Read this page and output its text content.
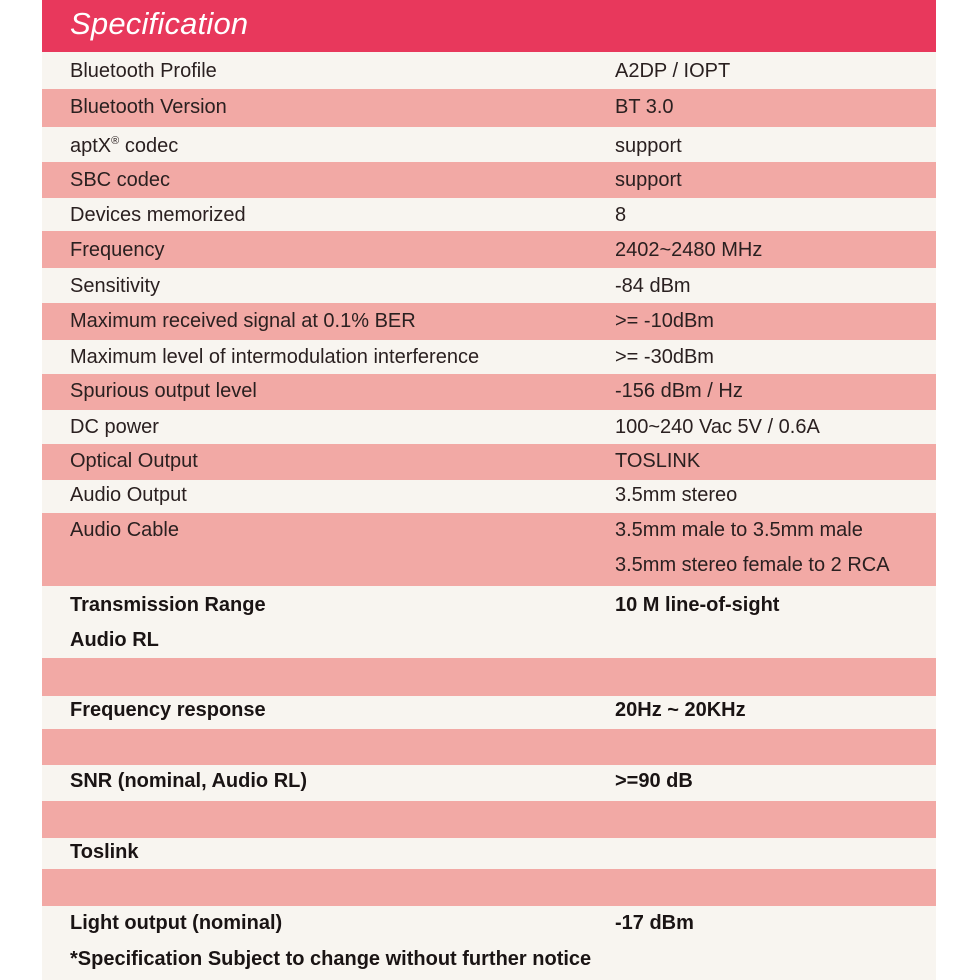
Specification
Bluetooth Profile	A2DP / IOPT
Bluetooth Version	BT 3.0
aptX® codec	support
SBC codec	support
Devices memorized	8
Frequency	2402~2480 MHz
Sensitivity	-84 dBm
Maximum received signal at 0.1% BER	>= -10dBm
Maximum level of intermodulation interference	>= -30dBm
Spurious output level	-156 dBm / Hz
DC power	100~240 Vac 5V / 0.6A
Optical Output	TOSLINK
Audio Output	3.5mm stereo
Audio Cable	3.5mm male to 3.5mm male
3.5mm stereo female to 2 RCA
Transmission Range	10 M line-of-sight
Audio RL
Frequency response	20Hz ~ 20KHz
SNR (nominal, Audio RL)	>=90 dB
Toslink
Light output (nominal)	-17 dBm
*Specification Subject to change without further notice
